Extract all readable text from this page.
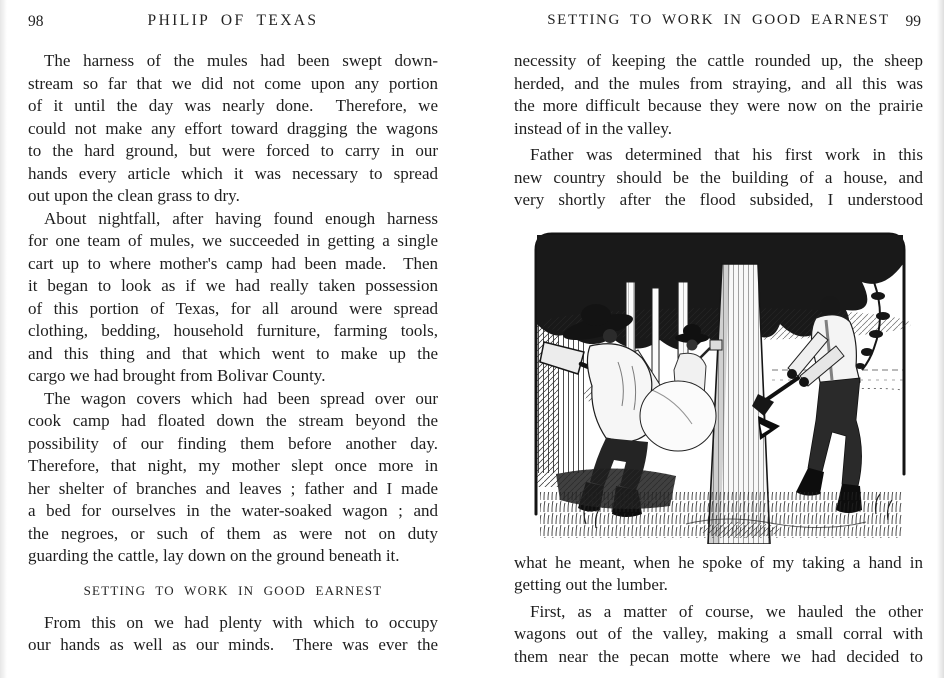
98	PHILIP OF TEXAS
The harness of the mules had been swept down-
stream so far that we did not come upon any portion
of it until the day was nearly done.  Therefore, we
could not make any effort toward dragging the wagons
to the hard ground, but were forced to carry in our
hands every article which it was necessary to spread
out upon the clean grass to dry.
About nightfall, after having found enough harness
for one team of mules, we succeeded in getting a single
cart up to where mother's camp had been made.  Then
it began to look as if we had really taken possession
of this portion of Texas, for all around were spread
clothing, bedding, household furniture, farming tools,
and this thing and that which went to make up the
cargo we had brought from Bolivar County.
The wagon covers which had been spread over our
cook camp had floated down the stream beyond the
possibility of our finding them before another day.
Therefore, that night, my mother slept once more in
her shelter of branches and leaves ; father and I made
a bed for ourselves in the water-soaked wagon ; and
the negroes, or such of them as were not on duty
guarding the cattle, lay down on the ground beneath it.
SETTING TO WORK IN GOOD EARNEST
From this on we had plenty with which to occupy
our hands as well as our minds.  There was ever the
SETTING TO WORK IN GOOD EARNEST	99
necessity of keeping the cattle rounded up, the sheep
herded, and the mules from straying, and all this was
the more difficult because they were now on the prairie
instead of in the valley.
Father was determined that his first work in this
new country should be the building of a house, and
very shortly after the flood subsided, I understood
what he meant, when he spoke of my taking a hand in
getting out the lumber.
First, as a matter of course, we hauled the other
wagons out of the valley, making a small corral with
them near the pecan motte where we had decided to
